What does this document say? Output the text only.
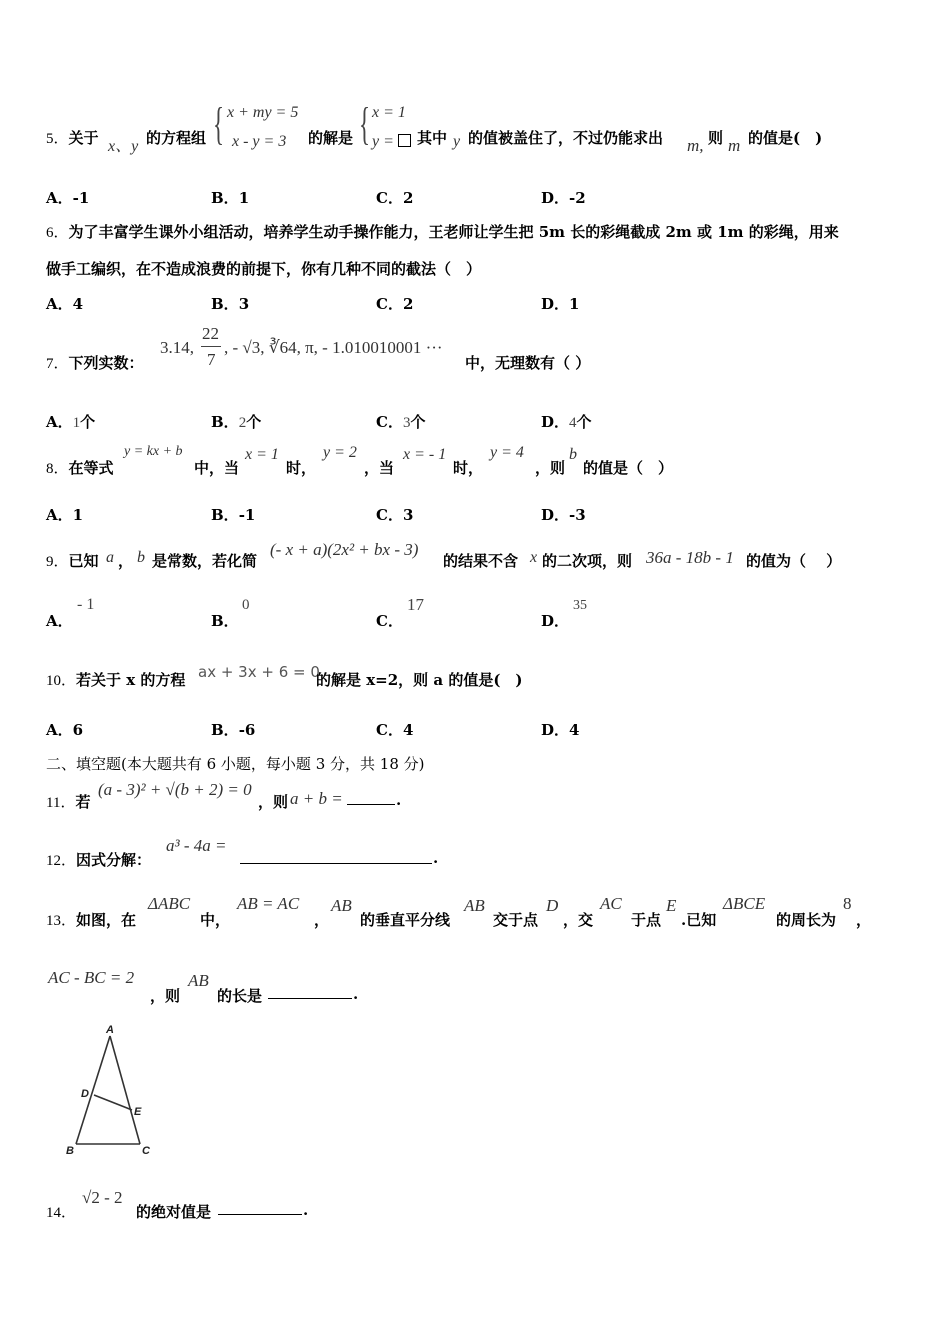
5．关于 x、y 的方程组 { x + my = 5
x - y = 3 的解是 { x = 1
y =	其中 y 的值被盖住了，不过仍能求出 m, 则 m 的值是(　)
A．-1	B．1	C．2	D．-2
6．为了丰富学生课外小组活动，培养学生动手操作能力，王老师让学生把 5m 长的彩绳截成 2m 或 1m 的彩绳，用来
做手工编织，在不造成浪费的前提下，你有几种不同的截法（　）
A．4	B．3	C．2	D．1
7．下列实数：
3.14,
22
7
, - √3, ∛64, π, - 1.010010001 ···
中，无理数有（ ）
A．1个	B．2个	C．3个	D．4个
8．在等式
y = kx + b
中，当
x = 1
时，
y = 2
，当
x = - 1
时，
y = 4
，则
b
的值是（　）
A．1	B．-1	C．3	D．-3
9．已知 a ， b 是常数，若化简
(- x + a)(2x² + bx - 3)
的结果不含 x 的二次项，则 36a - 18b - 1 的值为（　 ）
A．
- 1
B．
0
C．
17
D．
35
10．若关于 x 的方程 ax + 3x + 6 = 0
的解是 x=2，则 a 的值是(　)
A．6	B．-6	C．4	D．4
二、填空题(本大题共有 6 小题，每小题 3 分，共 18 分)
11．若
(a - 3)² + √(b + 2) = 0
，则 a + b =	.
12．因式分解：
a³ - 4a =
.
13．如图，在
ΔABC
中，
AB = AC
，
AB
的垂直平分线
AB
交于点
D
，交
AC
于点
E
.已知
ΔBCE
的周长为
8
，
AC - BC = 2
，则
AB
的长是	.
A
D
E
B	C
14．
√2 - 2
的绝对值是	.
